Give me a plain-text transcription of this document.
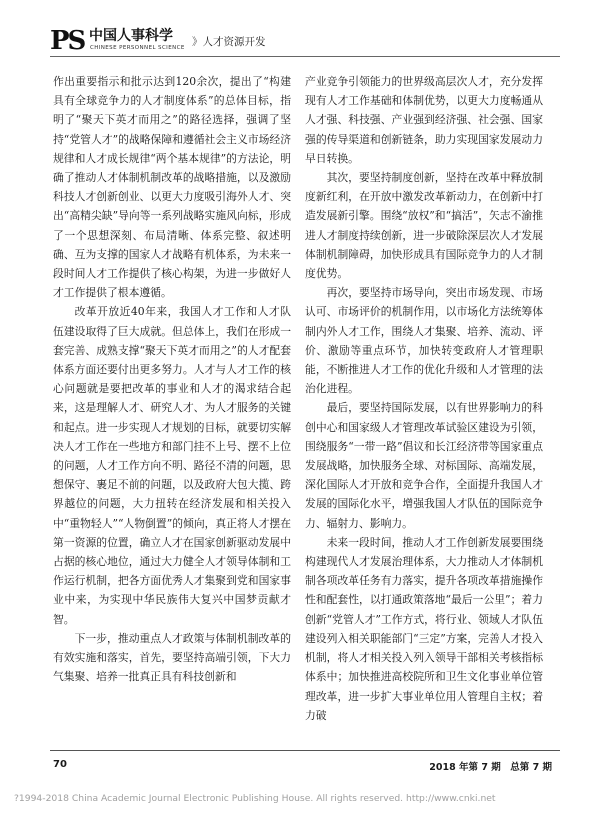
PS 中国人事科学
CHINESE PERSONNEL SCIENCE 》人才资源开发

作出重要指示和批示达到120余次，提出了“构建具有全球竞争力的人才制度体系”的总体目标，指明了“聚天下英才而用之”的路径选择，强调了坚持“党管人才”的战略保障和遵循社会主义市场经济规律和人才成长规律“两个基本规律”的方法论，明确了推动人才体制机制改革的战略措施，以及激励科技人才创新创业、以更大力度吸引海外人才、突出“高精尖缺”导向等一系列战略实施风向标，形成了一个思想深刻、布局清晰、体系完整、叙述明确、互为支撑的国家人才战略有机体系，为未来一段时间人才工作提供了核心构架，为进一步做好人才工作提供了根本遵循。

改革开放近40年来，我国人才工作和人才队伍建设取得了巨大成就。但总体上，我们在形成一套完善、成熟支撑“聚天下英才而用之”的人才配套体系方面还要付出更多努力。人才与人才工作的核心问题就是要把改革的事业和人才的渴求结合起来，这是理解人才、研究人才、为人才服务的关键和起点。进一步实现人才规划的目标，就要切实解决人才工作在一些地方和部门挂不上号、摆不上位的问题，人才工作方向不明、路径不清的问题，思想保守、裹足不前的问题，以及政府大包大揽、跨界越位的问题，大力扭转在经济发展和相关投入中“重物轻人”“人物倒置”的倾向，真正将人才摆在第一资源的位置，确立人才在国家创新驱动发展中占据的核心地位，通过大力健全人才领导体制和工作运行机制，把各方面优秀人才集聚到党和国家事业中来，为实现中华民族伟大复兴中国梦贡献才智。

下一步，推动重点人才政策与体制机制改革的有效实施和落实，首先，要坚持高端引领，下大力气集聚、培养一批真正具有科技创新和

产业竞争引领能力的世界级高层次人才，充分发挥现有人才工作基础和体制优势，以更大力度畅通从人才强、科技强、产业强到经济强、社会强、国家强的传导渠道和创新链条，助力实现国家发展动力早日转换。

其次，要坚持制度创新，坚持在改革中释放制度新红利，在开放中激发改革新动力，在创新中打造发展新引擎。围绕“放权”和“搞活”，矢志不渝推进人才制度持续创新，进一步破除深层次人才发展体制机制障碍，加快形成具有国际竞争力的人才制度优势。

再次，要坚持市场导向，突出市场发现、市场认可、市场评价的机制作用，以市场化方法统筹体制内外人才工作，围绕人才集聚、培养、流动、评价、激励等重点环节，加快转变政府人才管理职能，不断推进人才工作的优化升级和人才管理的法治化进程。

最后，要坚持国际发展，以有世界影响力的科创中心和国家级人才管理改革试验区建设为引领，围绕服务“一带一路”倡议和长江经济带等国家重点发展战略，加快服务全球、对标国际、高端发展，深化国际人才开放和竞争合作，全面提升我国人才发展的国际化水平，增强我国人才队伍的国际竞争力、辐射力、影响力。

未来一段时间，推动人才工作创新发展要围绕构建现代人才发展治理体系，大力推动人才体制机制各项改革任务有力落实，提升各项改革措施操作性和配套性，以打通政策落地“最后一公里”；着力创新“党管人才”工作方式，将行业、领域人才队伍建设列入相关职能部门“三定”方案，完善人才投入机制，将人才相关投入列入领导干部相关考核指标体系中；加快推进高校院所和卫生文化事业单位管理改革，进一步扩大事业单位用人管理自主权；着力破

70	2018 年第 7 期　总第 7 期
?1994-2018 China Academic Journal Electronic Publishing House. All rights reserved. http://www.cnki.net
